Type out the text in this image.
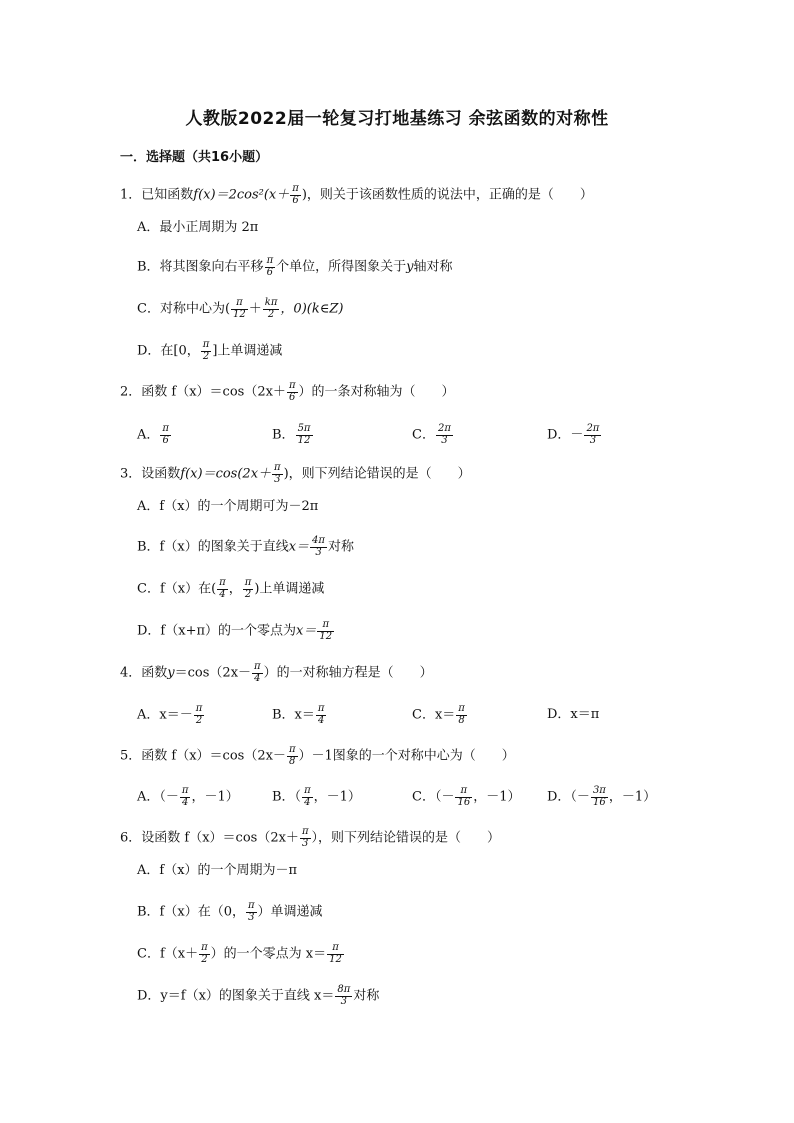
人教版2022届一轮复习打地基练习 余弦函数的对称性
一．选择题（共16小题）
1．已知函数$f(x)=2\cos^2(x+ \frac{\pi}{6}$ )，则关于该函数性质的说法中，正确的是（　　）
A．最小正周期为 2π
B．将其图象向右平移 $\frac{\pi}{6}$ 个单位，所得图象关于y轴对称
C．对称中心为( $\frac{\pi}{12} + \frac{k\pi}{2}$ ，0)(k∈Z)
D．在[0， $\frac{\pi}{2}$ ]上单调递减
2．函数 $f(x)=\cos(2x+ \frac{\pi}{6}$ ）的一条对称轴为（　　）
A． $\frac{\pi}{6}$	B． $\frac{5\pi}{12}$	C． $\frac{2\pi}{3}$	D．－ $\frac{2\pi}{3}$
3．设函数$f(x)=\cos(2x+ \frac{\pi}{3}$ )，则下列结论错误的是（　　）
A．f（x）的一个周期可为－2π
B．f（x）的图象关于直线$x= \frac{4\pi}{3}$ 对称
C．f（x）在( $\frac{\pi}{4}$ ， $\frac{\pi}{2}$ )上单调递减
D．f（x+π）的一个零点为$x= \frac{\pi}{12}$
4．函数$y=\cos(2x- \frac{\pi}{4}$ ）的一对称轴方程是（　　）
A．$x=- \frac{\pi}{2}$	B．$x= \frac{\pi}{4}$	C．$x= \frac{\pi}{8}$	D．x＝π
5．函数 $f(x)=\cos(2x- \frac{\pi}{8} )-1$图象的一个对称中心为（　　）
A．（－ $\frac{\pi}{4}$ ，－1）	B．（ $\frac{\pi}{4}$ ，－1）	C．（－ $\frac{\pi}{16}$ ，－1） D．（－ $\frac{3\pi}{16}$ ，－1）
6．设函数 $f(x)=\cos(2x+ \frac{\pi}{3}$ ），则下列结论错误的是（　　）
A．f（x）的一个周期为－π
B．f（x）在（0， $\frac{\pi}{3}$ ）单调递减
C．$f(x+ \frac{\pi}{2}$ ）的一个零点为 $x= \frac{\pi}{12}$
D．y＝f（x）的图象关于直线 $x= \frac{8\pi}{3}$ 对称
